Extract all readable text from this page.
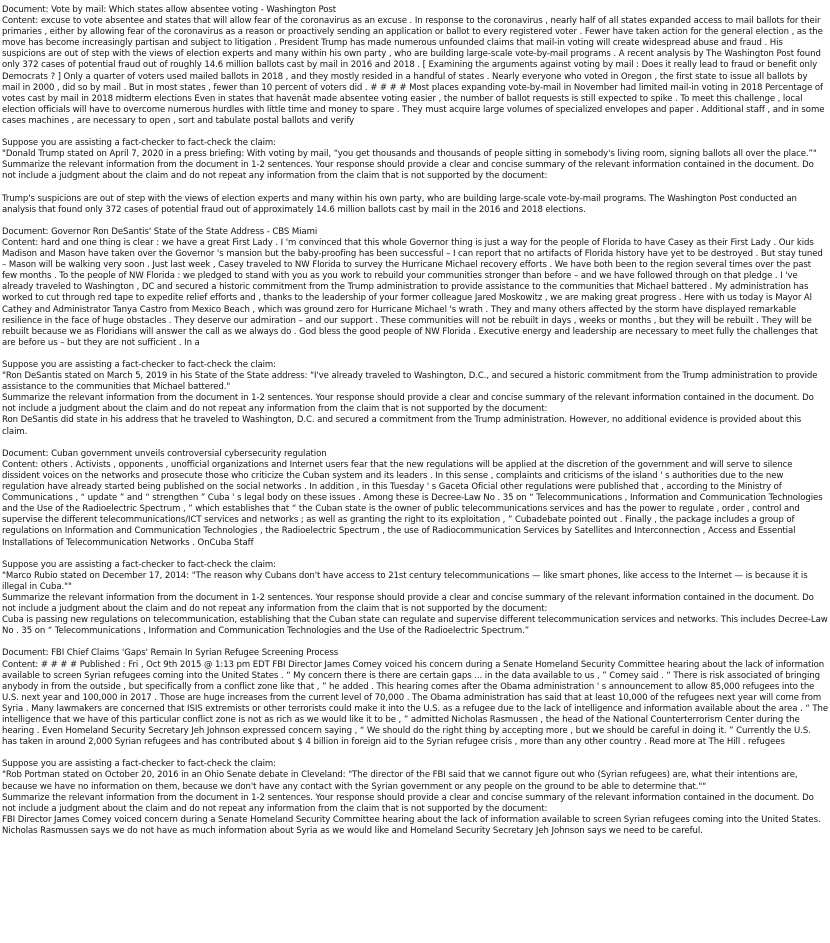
Document: Vote by mail: Which states allow absentee voting - Washington Post

Content: excuse to vote absentee and states that will allow fear of the coronavirus as an excuse . In response to the coronavirus , nearly half of all states expanded access to mail ballots for their primaries , either by allowing fear of the coronavirus as a reason or proactively sending an application or ballot to every registered voter . Fewer have taken action for the general election , as the move has become increasingly partisan and subject to litigation . President Trump has made numerous unfounded claims that mail-in voting will create widespread abuse and fraud . His suspicions are out of step with the views of election experts and many within his own party , who are building large-scale vote-by-mail programs . A recent analysis by The Washington Post found only 372 cases of potential fraud out of roughly 14.6 million ballots cast by mail in 2016 and 2018 . [ Examining the arguments against voting by mail : Does it really lead to fraud or benefit only Democrats ? ] Only a quarter of voters used mailed ballots in 2018 , and they mostly resided in a handful of states . Nearly everyone who voted in Oregon , the first state to issue all ballots by mail in 2000 , did so by mail . But in most states , fewer than 10 percent of voters did . # # # # Most places expanding vote-by-mail in November had limited mail-in voting in 2018 Percentage of votes cast by mail in 2018 midterm elections Even in states that havenât made absentee voting easier , the number of ballot requests is still expected to spike . To meet this challenge , local election officials will have to overcome numerous hurdles with little time and money to spare . They must acquire large volumes of specialized envelopes and paper . Additional staff , and in some cases machines , are necessary to open , sort and tabulate postal ballots and verify

Suppose you are assisting a fact-checker to fact-check the claim:

"Donald Trump stated on April 7, 2020 in a press briefing: With voting by mail, “you get thousands and thousands of people sitting in somebody's living room, signing ballots all over the place.”"

Summarize the relevant information from the document in 1-2 sentences. Your response should provide a clear and concise summary of the relevant information contained in the document. Do not include a judgment about the claim and do not repeat any information from the claim that is not supported by the document:

Trump's suspicions are out of step with the views of election experts and many within his own party, who are building large-scale vote-by-mail programs. The Washington Post conducted an analysis that found only 372 cases of potential fraud out of approximately 14.6 million ballots cast by mail in the 2016 and 2018 elections.

Document: Governor Ron DeSantis' State of the State Address - CBS Miami

Content: hard and one thing is clear : we have a great First Lady . I 'm convinced that this whole Governor thing is just a way for the people of Florida to have Casey as their First Lady . Our kids Madison and Mason have taken over the Governor 's mansion but the baby-proofing has been successful – I can report that no artifacts of Florida history have yet to be destroyed . But stay tuned – Mason will be walking very soon . Just last week , Casey traveled to NW Florida to survey the Hurricane Michael recovery efforts . We have both been to the region several times over the past few months . To the people of NW Florida : we pledged to stand with you as you work to rebuild your communities stronger than before – and we have followed through on that pledge . I 've already traveled to Washington , DC and secured a historic commitment from the Trump administration to provide assistance to the communities that Michael battered . My administration has worked to cut through red tape to expedite relief efforts and , thanks to the leadership of your former colleague Jared Moskowitz , we are making great progress . Here with us today is Mayor Al Cathey and Administrator Tanya Castro from Mexico Beach , which was ground zero for Hurricane Michael 's wrath . They and many others affected by the storm have displayed remarkable resilience in the face of huge obstacles . They deserve our admiration – and our support . These communities will not be rebuilt in days , weeks or months , but they will be rebuilt . They will be rebuilt because we as Floridians will answer the call as we always do . God bless the good people of NW Florida . Executive energy and leadership are necessary to meet fully the challenges that are before us – but they are not sufficient . In a

Suppose you are assisting a fact-checker to fact-check the claim:

"Ron DeSantis stated on March 5, 2019 in his State of the State address: "I've already traveled to Washington, D.C., and secured a historic commitment from the Trump administration to provide assistance to the communities that Michael battered."

Summarize the relevant information from the document in 1-2 sentences. Your response should provide a clear and concise summary of the relevant information contained in the document. Do not include a judgment about the claim and do not repeat any information from the claim that is not supported by the document:

Ron DeSantis did state in his address that he traveled to Washington, D.C. and secured a commitment from the Trump administration. However, no additional evidence is provided about this claim.

Document: Cuban government unveils controversial cybersecurity regulation

Content: others . Activists , opponents , unofficial organizations and Internet users fear that the new regulations will be applied at the discretion of the government and will serve to silence dissident voices on the networks and prosecute those who criticize the Cuban system and its leaders . In this sense , complaints and criticisms of the island ' s authorities due to the new regulation have already started being published on the social networks . In addition , in this Tuesday ' s Gaceta Oficial other regulations were published that , according to the Ministry of Communications , “ update ” and “ strengthen ” Cuba ' s legal body on these issues . Among these is Decree-Law No . 35 on “ Telecommunications , Information and Communication Technologies and the Use of the Radioelectric Spectrum , ” which establishes that “ the Cuban state is the owner of public telecommunications services and has the power to regulate , order , control and supervise the different telecommunications/ICT services and networks ; as well as granting the right to its exploitation , ” Cubadebate pointed out . Finally , the package includes a group of regulations on Information and Communication Technologies , the Radioelectric Spectrum , the use of Radiocommunication Services by Satellites and Interconnection , Access and Essential Installations of Telecommunication Networks . OnCuba Staff

Suppose you are assisting a fact-checker to fact-check the claim:

"Marco Rubio stated on December 17, 2014: "The reason why Cubans don't have access to 21st century telecommunications — like smart phones, like access to the Internet — is because it is illegal in Cuba.""

Summarize the relevant information from the document in 1-2 sentences. Your response should provide a clear and concise summary of the relevant information contained in the document. Do not include a judgment about the claim and do not repeat any information from the claim that is not supported by the document:

Cuba is passing new regulations on telecommunication, establishing that the Cuban state can regulate and supervise different telecommunication services and networks. This includes Decree-Law No . 35 on “ Telecommunications , Information and Communication Technologies and the Use of the Radioelectric Spectrum.”

Document: FBI Chief Claims 'Gaps' Remain In Syrian Refugee Screening Process

Content: # # # # Published : Fri , Oct 9th 2015 @ 1:13 pm EDT FBI Director James Comey voiced his concern during a Senate Homeland Security Committee hearing about the lack of information available to screen Syrian refugees coming into the United States . “ My concern there is there are certain gaps ... in the data available to us , ” Comey said . “ There is risk associated of bringing anybody in from the outside , but specifically from a conflict zone like that , ” he added . This hearing comes after the Obama administration ' s announcement to allow 85,000 refugees into the U.S. next year and 100,000 in 2017 . Those are huge increases from the current level of 70,000 . The Obama administration has said that at least 10,000 of the refugees next year will come from Syria . Many lawmakers are concerned that ISIS extremists or other terrorists could make it into the U.S. as a refugee due to the lack of intelligence and information available about the area . “ The intelligence that we have of this particular conflict zone is not as rich as we would like it to be , ” admitted Nicholas Rasmussen , the head of the National Counterterrorism Center during the hearing . Even Homeland Security Secretary Jeh Johnson expressed concern saying , “ We should do the right thing by accepting more , but we should be careful in doing it. ” Currently the U.S. has taken in around 2,000 Syrian refugees and has contributed about $ 4 billion in foreign aid to the Syrian refugee crisis , more than any other country . Read more at The Hill . refugees

Suppose you are assisting a fact-checker to fact-check the claim:

"Rob Portman stated on October 20, 2016 in an Ohio Senate debate in Cleveland: "The director of the FBI said that we cannot figure out who (Syrian refugees) are, what their intentions are, because we have no information on them, because we don't have any contact with the Syrian government or any people on the ground to be able to determine that.""

Summarize the relevant information from the document in 1-2 sentences. Your response should provide a clear and concise summary of the relevant information contained in the document. Do not include a judgment about the claim and do not repeat any information from the claim that is not supported by the document:

FBI Director James Comey voiced concern during a Senate Homeland Security Committee hearing about the lack of information available to screen Syrian refugees coming into the United States. Nicholas Rasmussen says we do not have as much information about Syria as we would like and Homeland Security Secretary Jeh Johnson says we need to be careful.
